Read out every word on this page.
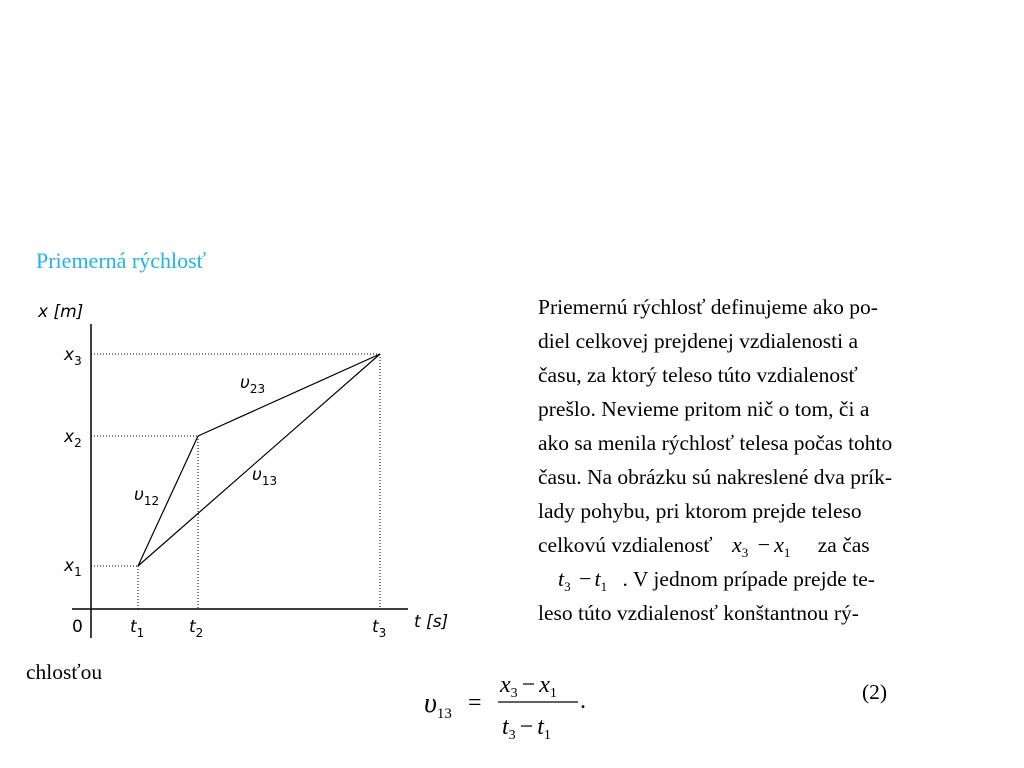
Priemerná rýchlosť
x [m]
t [s]
0
$x_3$
$x_2$
$x_1$
$t_1$	$t_2$	$t_3$
$\upsilon_{12}$
$\upsilon_{23}$
$\upsilon_{13}$
Priemernú rýchlosť definujeme ako po-
diel celkovej prejdenej vzdialenosti a
času, za ktorý teleso túto vzdialenosť
prešlo. Nevieme pritom nič o tom, či a
ako sa menila rýchlosť telesa počas tohto
času. Na obrázku sú nakreslené dva prík-
lady pohybu, pri ktorom prejde teleso
celkovú vzdialenosť $x_3 - x_1$ za čas
$t_3 - t_1$ . V jednom prípade prejde te-
leso túto vzdialenosť konštantnou rý-
chlosťou
$\upsilon_{13}$ =
$x_3 - x_1$
$t_3 - t_1$
.	(2)
